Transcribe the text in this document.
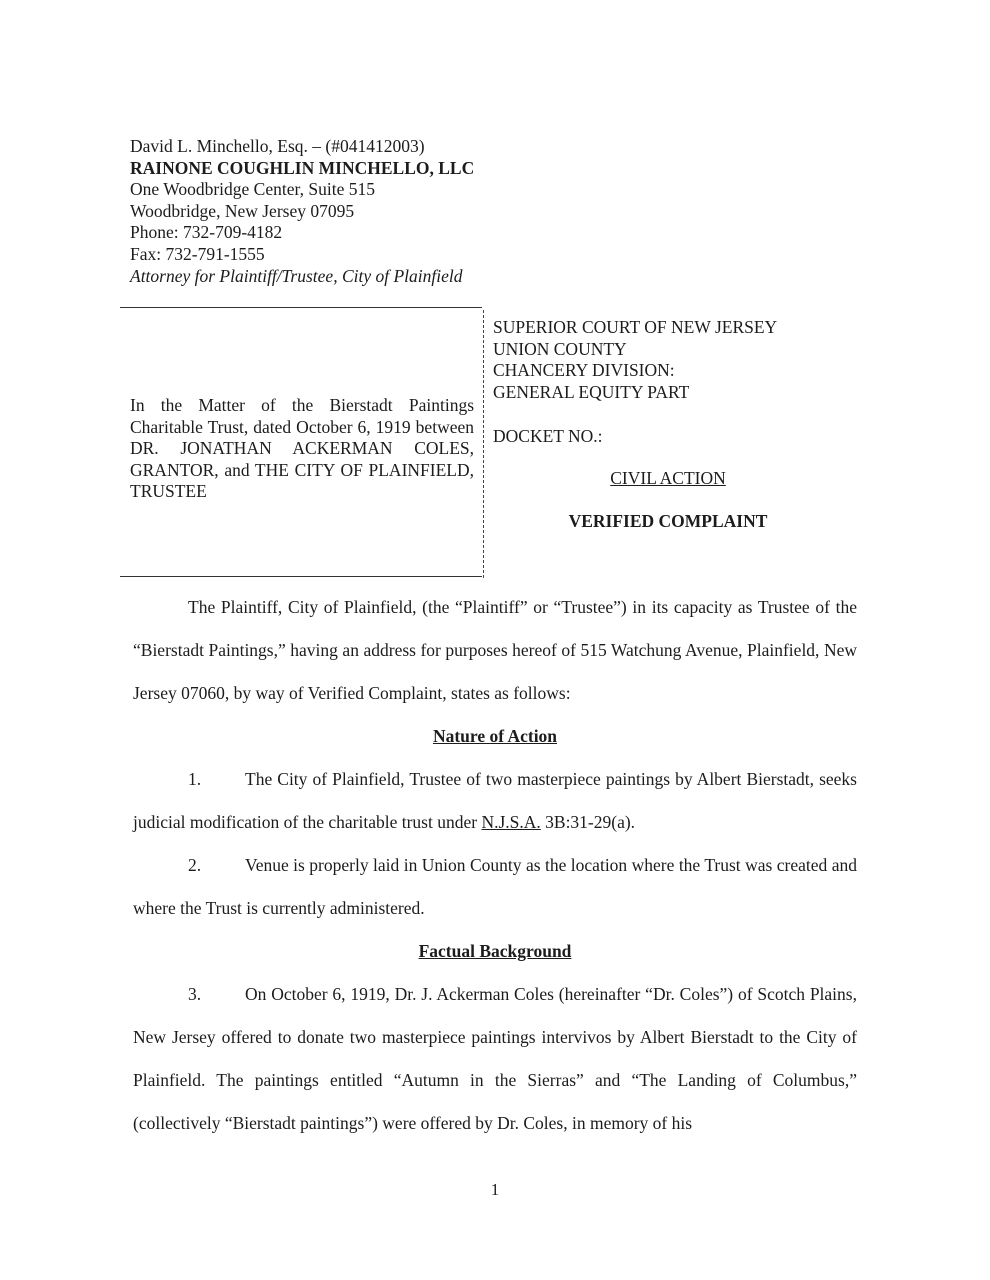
David L. Minchello, Esq. – (#041412003)
RAINONE COUGHLIN MINCHELLO, LLC
One Woodbridge Center, Suite 515
Woodbridge, New Jersey 07095
Phone: 732-709-4182
Fax: 732-791-1555
Attorney for Plaintiff/Trustee, City of Plainfield
In the Matter of the Bierstadt Paintings Charitable Trust, dated October 6, 1919 between DR. JONATHAN ACKERMAN COLES, GRANTOR, and THE CITY OF PLAINFIELD, TRUSTEE
SUPERIOR COURT OF NEW JERSEY
UNION COUNTY
CHANCERY DIVISION:
GENERAL EQUITY PART
DOCKET NO.:
CIVIL ACTION
VERIFIED COMPLAINT
The Plaintiff, City of Plainfield, (the “Plaintiff” or “Trustee”) in its capacity as Trustee of the “Bierstadt Paintings,” having an address for purposes hereof of 515 Watchung Avenue, Plainfield, New Jersey 07060, by way of Verified Complaint, states as follows:
Nature of Action
1.	The City of Plainfield, Trustee of two masterpiece paintings by Albert Bierstadt, seeks judicial modification of the charitable trust under N.J.S.A. 3B:31-29(a).
2.	Venue is properly laid in Union County as the location where the Trust was created and where the Trust is currently administered.
Factual Background
3.	On October 6, 1919, Dr. J. Ackerman Coles (hereinafter “Dr. Coles”) of Scotch Plains, New Jersey offered to donate two masterpiece paintings intervivos by Albert Bierstadt to the City of Plainfield. The paintings entitled “Autumn in the Sierras” and “The Landing of Columbus,” (collectively “Bierstadt paintings”) were offered by Dr. Coles, in memory of his
1
